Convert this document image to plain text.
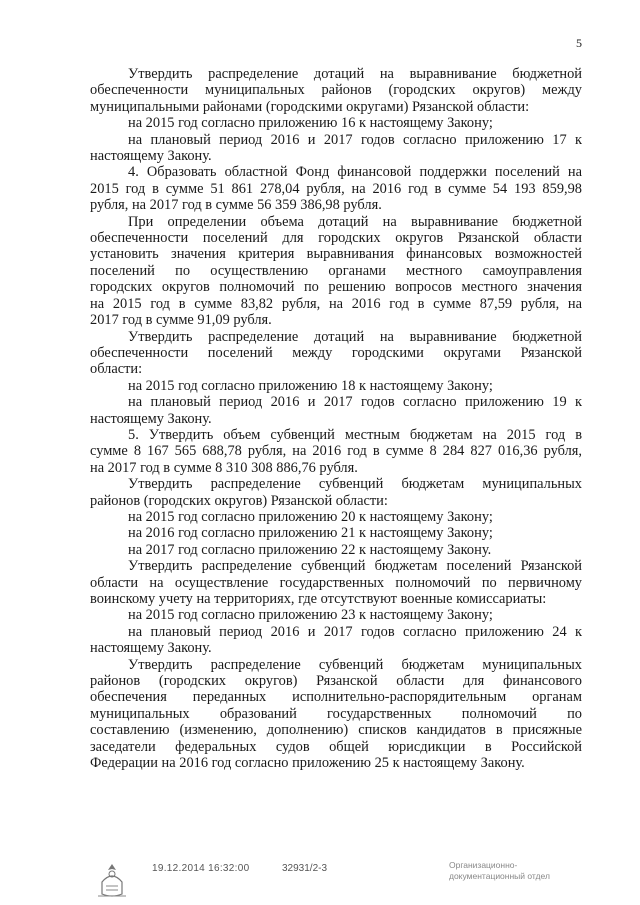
5
Утвердить распределение дотаций на выравнивание бюджетной
обеспеченности муниципальных районов (городских округов) между
муниципальными районами (городскими округами) Рязанской области:
на 2015 год согласно приложению 16 к настоящему Закону;
на плановый период 2016 и 2017 годов согласно приложению 17 к
настоящему Закону.
4. Образовать областной Фонд финансовой поддержки поселений на
2015 год в сумме 51 861 278,04 рубля, на 2016 год в сумме 54 193 859,98
рубля, на 2017 год в сумме 56 359 386,98 рубля.
При определении объема дотаций на выравнивание бюджетной
обеспеченности поселений для городских округов Рязанской области
установить значения критерия выравнивания финансовых возможностей
поселений по осуществлению органами местного самоуправления
городских округов полномочий по решению вопросов местного значения
на 2015 год в сумме 83,82 рубля, на 2016 год в сумме 87,59 рубля, на
2017 год в сумме 91,09 рубля.
Утвердить распределение дотаций на выравнивание бюджетной
обеспеченности поселений между городскими округами Рязанской
области:
на 2015 год согласно приложению 18 к настоящему Закону;
на плановый период 2016 и 2017 годов согласно приложению 19 к
настоящему Закону.
5. Утвердить объем субвенций местным бюджетам на 2015 год в
сумме 8 167 565 688,78 рубля, на 2016 год в сумме 8 284 827 016,36 рубля,
на 2017 год в сумме 8 310 308 886,76 рубля.
Утвердить распределение субвенций бюджетам муниципальных
районов (городских округов) Рязанской области:
на 2015 год согласно приложению 20 к настоящему Закону;
на 2016 год согласно приложению 21 к настоящему Закону;
на 2017 год согласно приложению 22 к настоящему Закону.
Утвердить распределение субвенций бюджетам поселений Рязанской
области на осуществление государственных полномочий по первичному
воинскому учету на территориях, где отсутствуют военные комиссариаты:
на 2015 год согласно приложению 23 к настоящему Закону;
на плановый период 2016 и 2017 годов согласно приложению 24 к
настоящему Закону.
Утвердить распределение субвенций бюджетам муниципальных
районов (городских округов) Рязанской области для финансового
обеспечения переданных исполнительно-распорядительным органам
муниципальных образований государственных полномочий по
составлению (изменению, дополнению) списков кандидатов в присяжные
заседатели федеральных судов общей юрисдикции в Российской
Федерации на 2016 год согласно приложению 25 к настоящему Закону.
19.12.2014 16:32:00	32931/2-3	Организационно-
документационный отдел
